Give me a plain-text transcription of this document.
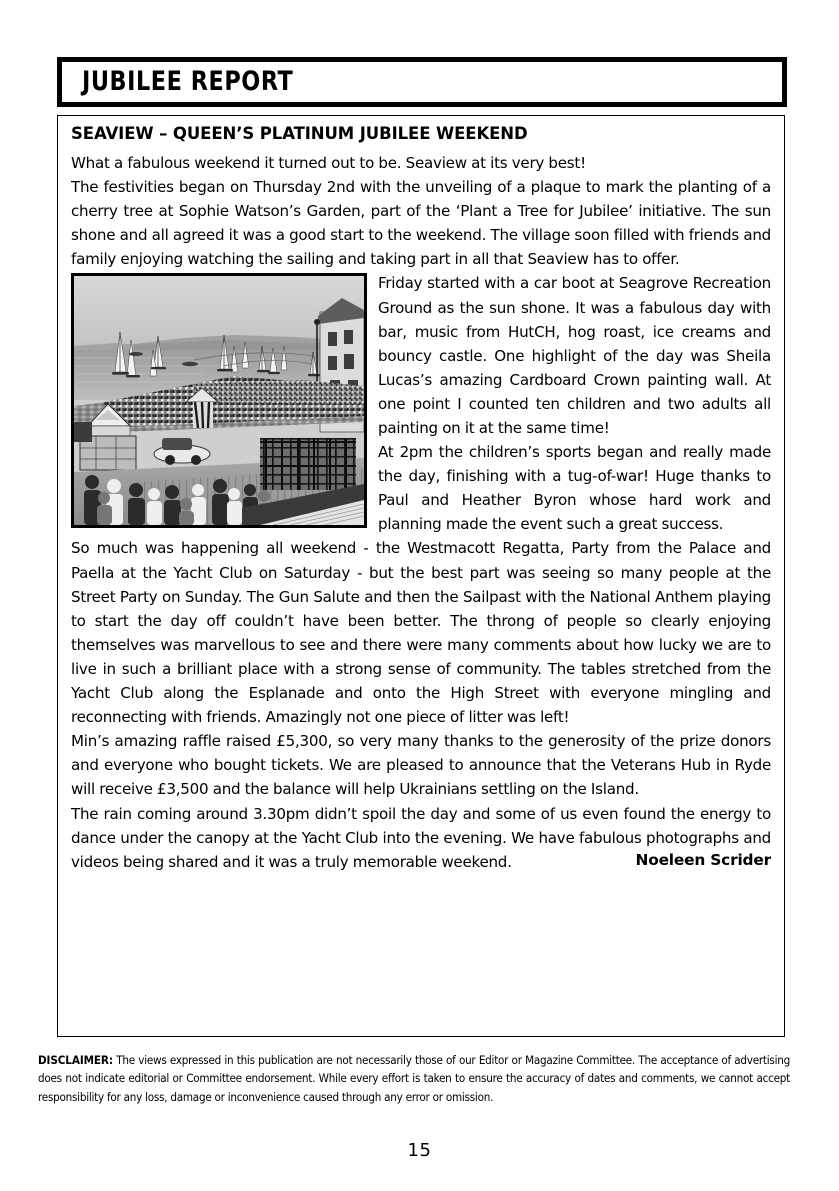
JUBILEE REPORT
SEAVIEW – QUEEN’S PLATINUM JUBILEE WEEKEND

What a fabulous weekend it turned out to be. Seaview at its very best!

The festivities began on Thursday 2nd with the unveiling of a plaque to mark the planting of a cherry tree at Sophie Watson’s Garden, part of the ‘Plant a Tree for Jubilee’ initiative. The sun shone and all agreed it was a good start to the weekend. The village soon filled with friends and family enjoying watching the sailing and taking part in all that Seaview has to offer.

Friday started with a car boot at Seagrove Recreation Ground as the sun shone. It was a fabulous day with bar, music from HutCH, hog roast, ice creams and bouncy castle. One highlight of the day was Sheila Lucas’s amazing Cardboard Crown painting wall. At one point I counted ten children and two adults all painting on it at the same time!

At 2pm the children’s sports began and really made the day, finishing with a tug-of-war! Huge thanks to Paul and Heather Byron whose hard work and planning made the event such a great success.

So much was happening all weekend - the Westmacott Regatta, Party from the Palace and Paella at the Yacht Club on Saturday - but the best part was seeing so many people at the Street Party on Sunday. The Gun Salute and then the Sailpast with the National Anthem playing to start the day off couldn’t have been better. The throng of people so clearly enjoying themselves was marvellous to see and there were many comments about how lucky we are to live in such a brilliant place with a strong sense of community. The tables stretched from the Yacht Club along the Esplanade and onto the High Street with everyone mingling and reconnecting with friends. Amazingly not one piece of litter was left!

Min’s amazing raffle raised £5,300, so very many thanks to the generosity of the prize donors and everyone who bought tickets. We are pleased to announce that the Veterans Hub in Ryde will receive £3,500 and the balance will help Ukrainians settling on the Island.

The rain coming around 3.30pm didn’t spoil the day and some of us even found the energy to dance under the canopy at the Yacht Club into the evening. We have fabulous photographs and videos being shared and it was a truly memorable weekend.	Noeleen Scrider
DISCLAIMER: The views expressed in this publication are not necessarily those of our Editor or Magazine Committee. The acceptance of advertising does not indicate editorial or Committee endorsement. While every effort is taken to ensure the accuracy of dates and comments, we cannot accept responsibility for any loss, damage or inconvenience caused through any error or omission.
15
